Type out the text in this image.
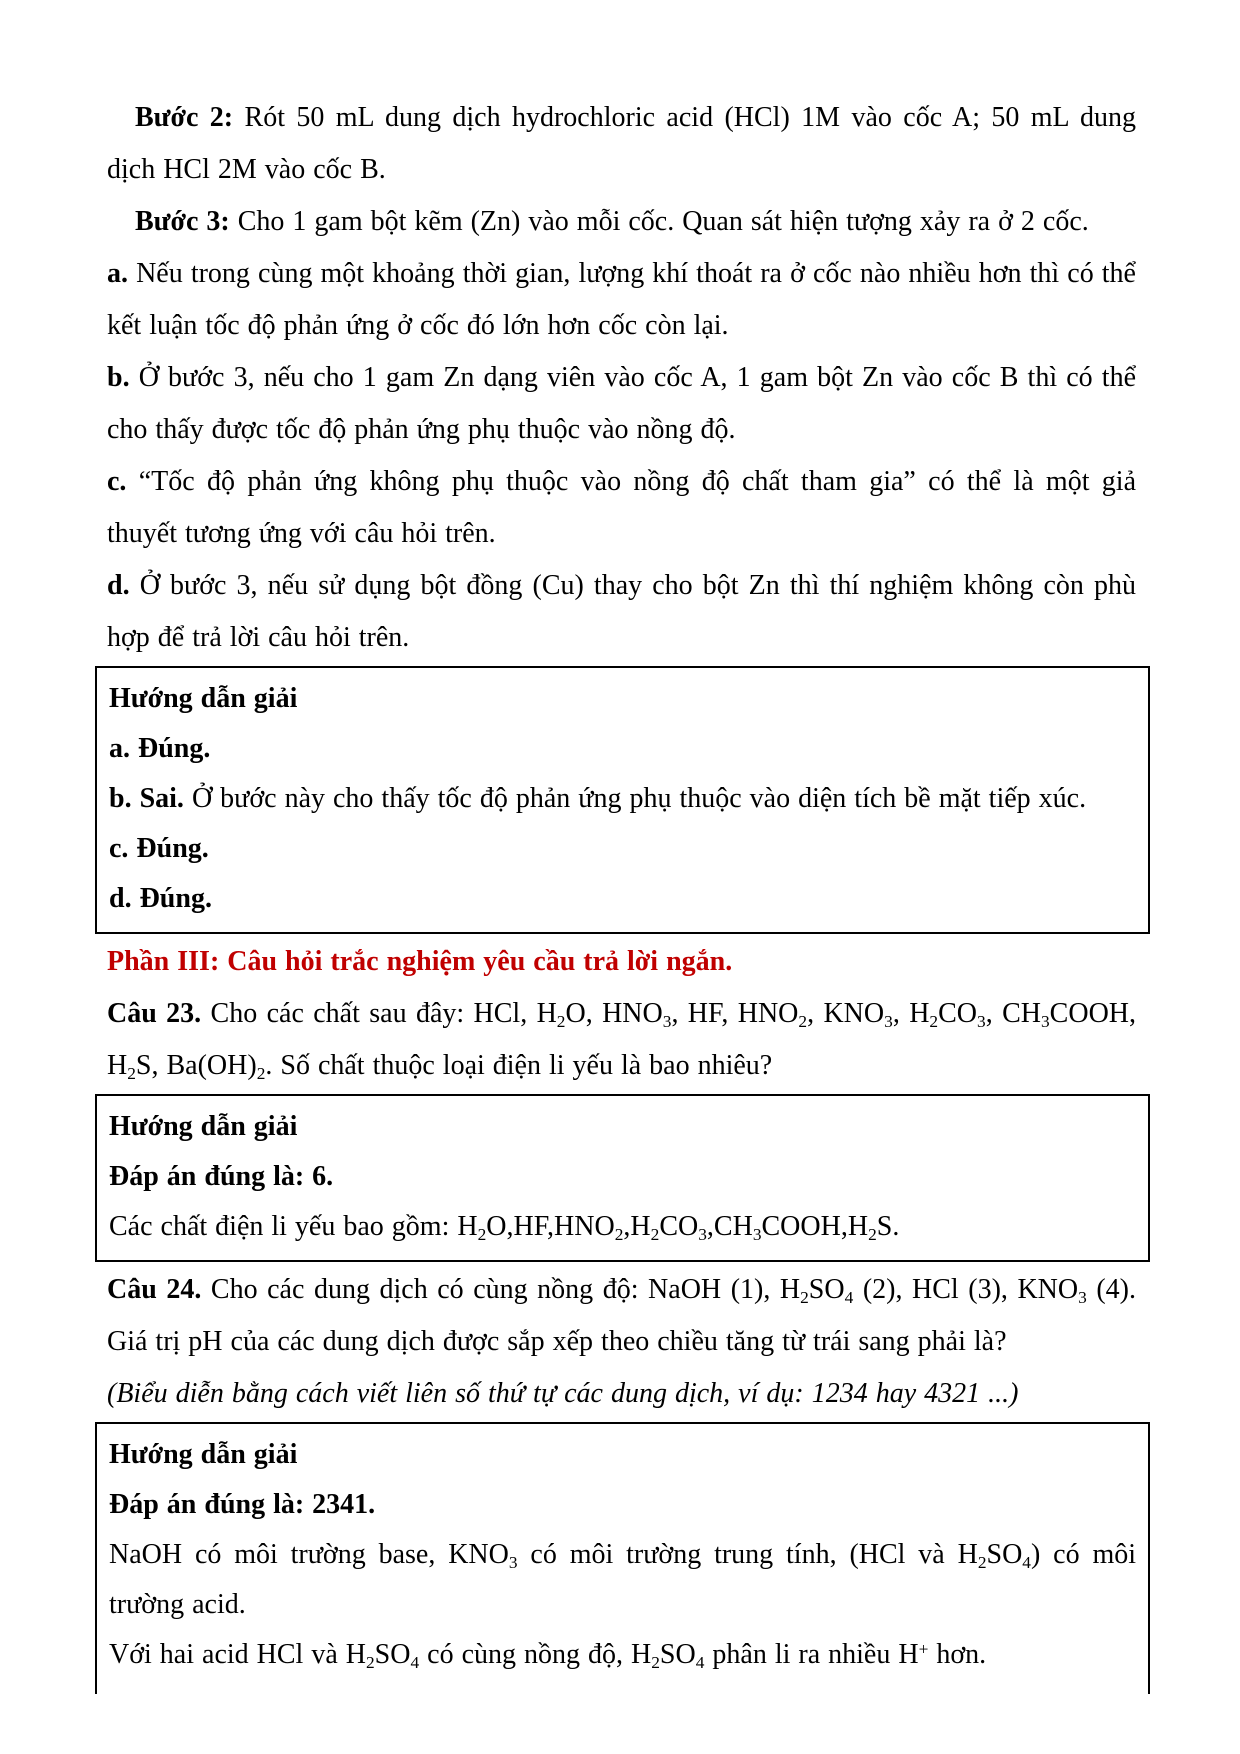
Bước 2: Rót 50 mL dung dịch hydrochloric acid (HCl) 1M vào cốc A; 50 mL dung dịch HCl 2M vào cốc B.
Bước 3: Cho 1 gam bột kẽm (Zn) vào mỗi cốc. Quan sát hiện tượng xảy ra ở 2 cốc.
a. Nếu trong cùng một khoảng thời gian, lượng khí thoát ra ở cốc nào nhiều hơn thì có thể kết luận tốc độ phản ứng ở cốc đó lớn hơn cốc còn lại.
b. Ở bước 3, nếu cho 1 gam Zn dạng viên vào cốc A, 1 gam bột Zn vào cốc B thì có thể cho thấy được tốc độ phản ứng phụ thuộc vào nồng độ.
c. “Tốc độ phản ứng không phụ thuộc vào nồng độ chất tham gia” có thể là một giả thuyết tương ứng với câu hỏi trên.
d. Ở bước 3, nếu sử dụng bột đồng (Cu) thay cho bột Zn thì thí nghiệm không còn phù hợp để trả lời câu hỏi trên.
Hướng dẫn giải
a. Đúng.
b. Sai. Ở bước này cho thấy tốc độ phản ứng phụ thuộc vào diện tích bề mặt tiếp xúc.
c. Đúng.
d. Đúng.
Phần III: Câu hỏi trắc nghiệm yêu cầu trả lời ngắn.
Câu 23. Cho các chất sau đây: HCl, $H_2O$, $HNO_3$, HF, $HNO_2$, $KNO_3$, $H_2CO_3$, $CH_3COOH$, $H_2S$, $Ba(OH)_2$. Số chất thuộc loại điện li yếu là bao nhiêu?
Hướng dẫn giải
Đáp án đúng là: 6.
Các chất điện li yếu bao gồm: $H_2O,HF,HNO_2,H_2CO_3,CH_3COOH,H_2S$.
Câu 24. Cho các dung dịch có cùng nồng độ: NaOH (1), $H_2SO_4$ (2), HCl (3), $KNO_3$ (4). Giá trị pH của các dung dịch được sắp xếp theo chiều tăng từ trái sang phải là?
(Biểu diễn bằng cách viết liên số thứ tự các dung dịch, ví dụ: 1234 hay 4321 ...)
Hướng dẫn giải
Đáp án đúng là: 2341.
NaOH có môi trường base, $KNO_3$ có môi trường trung tính, (HCl và $H_2SO_4$) có môi trường acid.
Với hai acid HCl và $H_2SO_4$ có cùng nồng độ, $H_2SO_4$ phân li ra nhiều H+ hơn.
